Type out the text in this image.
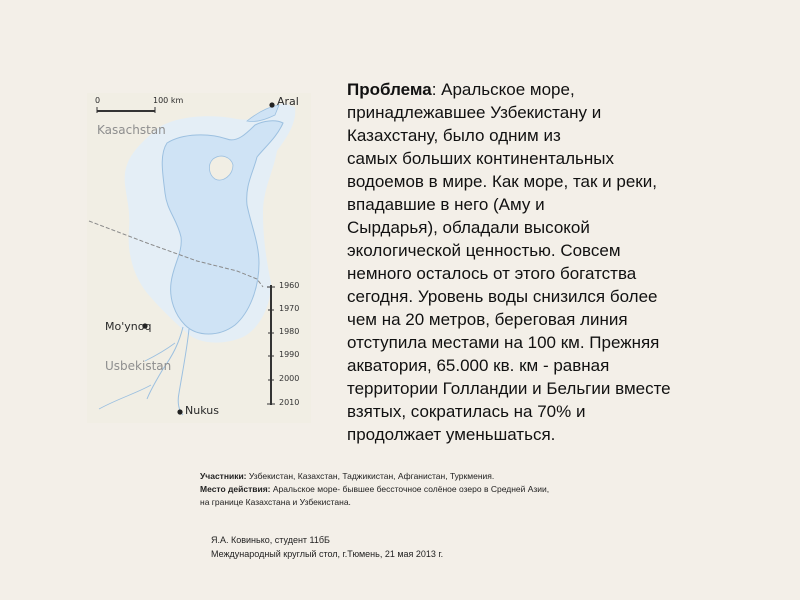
0	100 km	Aral
Kasachstan
Mo'ynoq
Usbekistan
Nukus
1960
1970
1980
1990
2000
2010

Проблема: Аральское море,

принадлежавшее Узбекистану и

Казахстану, было одним из

самых больших континентальных

водоемов в мире. Как море, так и реки,

впадавшие в него (Аму и

Сырдарья), обладали высокой

экологической ценностью. Совсем

немного осталось от этого богатства

сегодня. Уровень воды снизился более

чем на 20 метров, береговая линия

отступила местами на 100 км. Прежняя

акватория, 65.000 кв. км - равная

территории Голландии и Бельгии вместе

взятых, сократилась на 70% и

продолжает уменьшаться.

Участники: Узбекистан, Казахстан, Таджикистан, Афганистан, Туркмения.

Место действия: Аральское море- бывшее бессточное солёное озеро в Средней Азии,

на границе Казахстана и Узбекистана.

Я.А. Ковинько, студент 11бБ

Международный круглый стол, г.Тюмень, 21 мая 2013 г.
